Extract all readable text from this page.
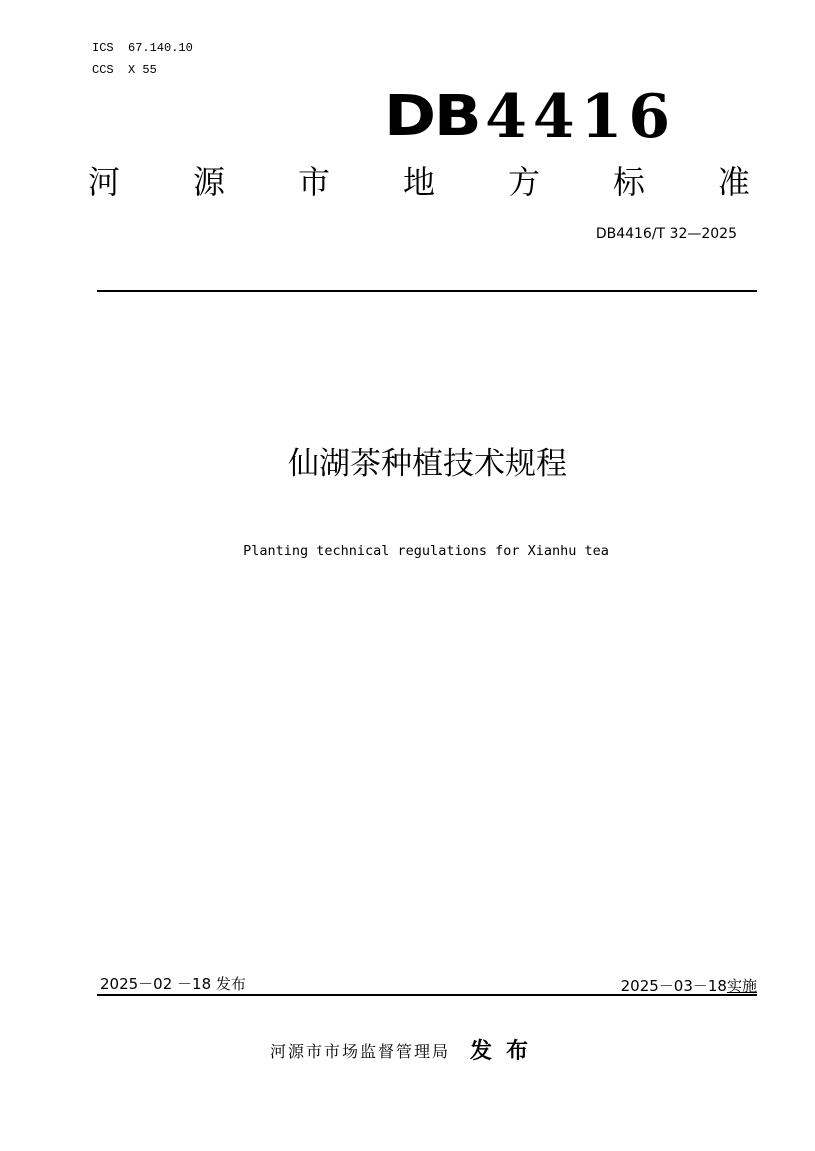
ICS  67.140.10
CCS  X 55
DB4416
河 源 市 地 方 标 准
DB4416/T 32—2025
仙湖茶种植技术规程
Planting technical regulations for Xianhu tea
2025－02 －18 发布	2025－03－18实施
河源市市场监督管理局 发布
